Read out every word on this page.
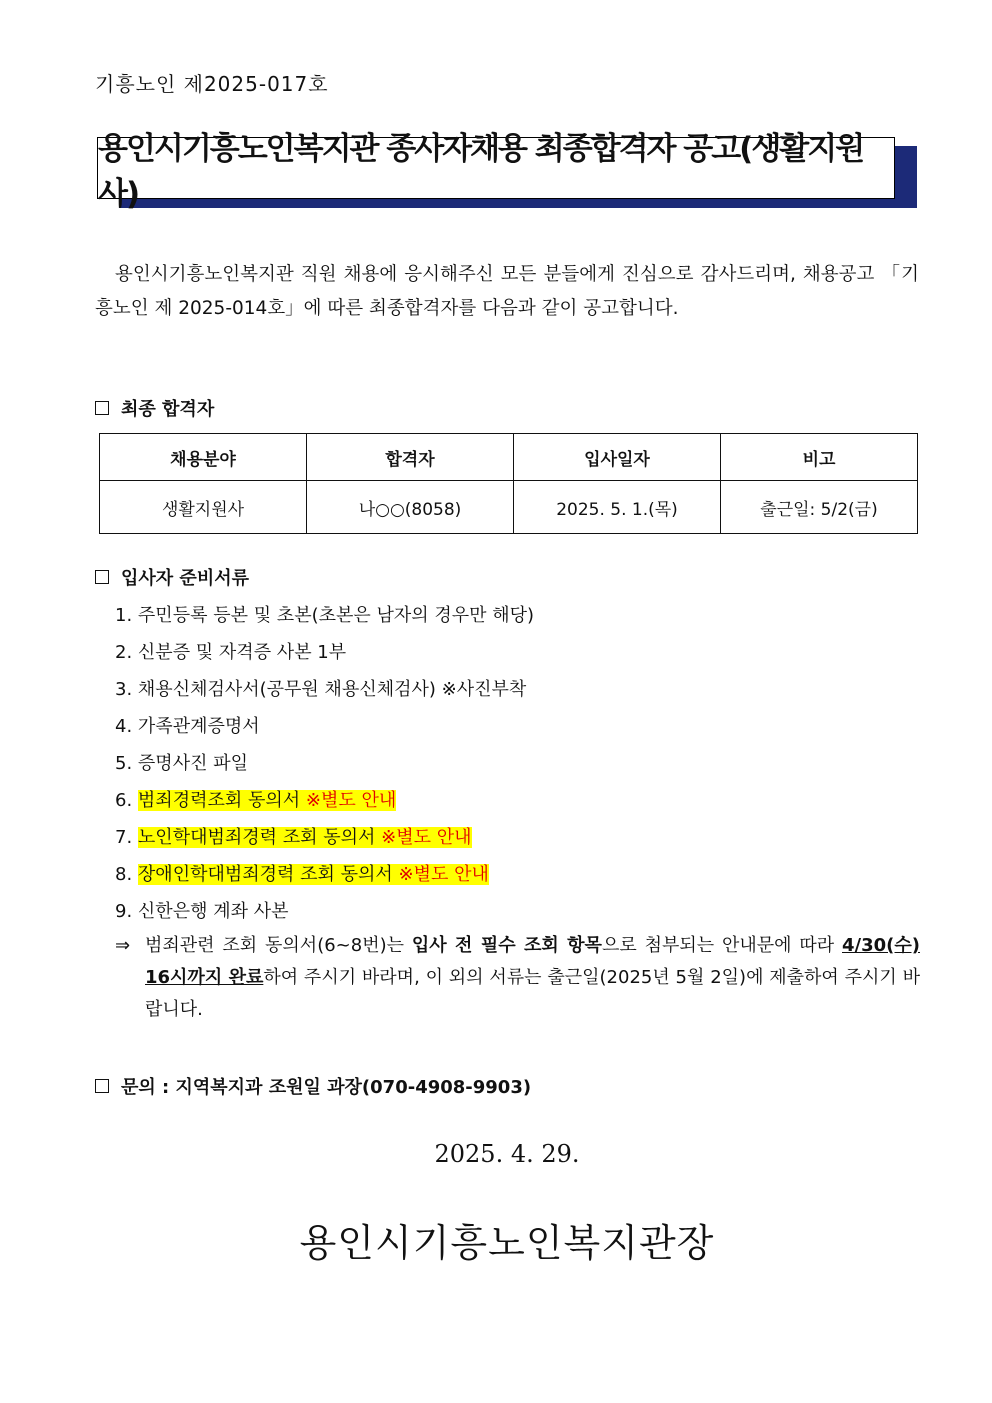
기흥노인 제2025-017호
용인시기흥노인복지관 종사자채용 최종합격자 공고(생활지원사)
용인시기흥노인복지관 직원 채용에 응시해주신 모든 분들에게 진심으로 감사드리며, 채용공고 「기흥노인 제 2025-014호」에 따른 최종합격자를 다음과 같이 공고합니다.
최종 합격자
채용분야	합격자	입사일자	비고
생활지원사	나○○(8058)	2025. 5. 1.(목)	출근일: 5/2(금)
입사자 준비서류
1. 주민등록 등본 및 초본(초본은 남자의 경우만 해당)
2. 신분증 및 자격증 사본 1부
3. 채용신체검사서(공무원 채용신체검사) ※사진부착
4. 가족관계증명서
5. 증명사진 파일
6. 범죄경력조회 동의서 ※별도 안내
7. 노인학대범죄경력 조회 동의서 ※별도 안내
8. 장애인학대범죄경력 조회 동의서 ※별도 안내
9. 신한은행 계좌 사본
⇒ 범죄관련 조회 동의서(6~8번)는 입사 전 필수 조회 항목으로 첨부되는 안내문에 따라 4/30(수) 16시까지 완료하여 주시기 바라며, 이 외의 서류는 출근일(2025년 5월 2일)에 제출하여 주시기 바랍니다.
문의 : 지역복지과 조원일 과장(070-4908-9903)
2025. 4. 29.
용인시기흥노인복지관장
